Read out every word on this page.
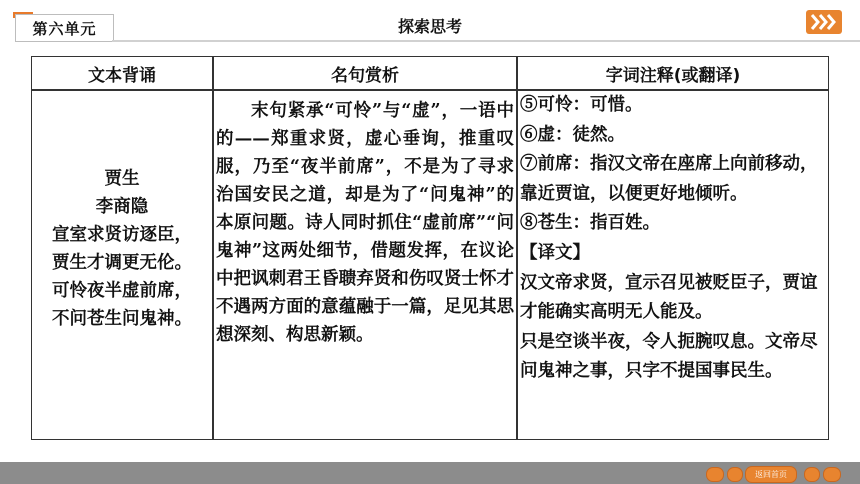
第六单元	探索思考
文本背诵	名句赏析	字词注释(或翻译)
贾生
李商隐
宣室求贤访逐臣，
贾生才调更无伦。
可怜夜半虚前席，
不问苍生问鬼神。

末句紧承“可怜”与“虚”，一语中的——郑重求贤，虚心垂询，推重叹服，乃至“夜半前席”，不是为了寻求治国安民之道，却是为了“问鬼神”的本原问题。诗人同时抓住“虚前席”“问鬼神”这两处细节，借题发挥，在议论中把讽刺君王昏聩弃贤和伤叹贤士怀才不遇两方面的意蕴融于一篇，足见其思想深刻、构思新颖。

⑤可怜：可惜。
⑥虚：徒然。
⑦前席：指汉文帝在座席上向前移动，靠近贾谊，以便更好地倾听。
⑧苍生：指百姓。
【译文】
汉文帝求贤，宣示召见被贬臣子，贾谊才能确实高明无人能及。
只是空谈半夜，令人扼腕叹息。文帝尽问鬼神之事，只字不提国事民生。
返回首页
